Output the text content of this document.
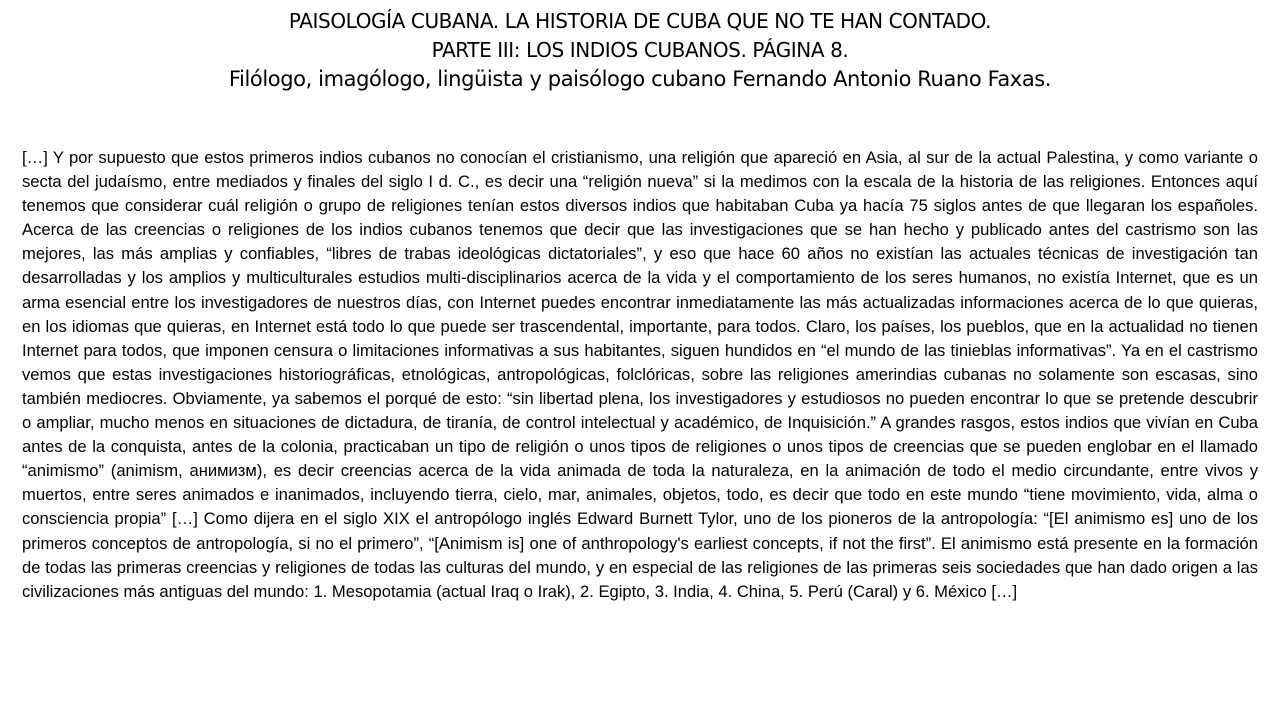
PAISOLOGÍA CUBANA. LA HISTORIA DE CUBA QUE NO TE HAN CONTADO.
PARTE III: LOS INDIOS CUBANOS. PÁGINA 8.
Filólogo, imagólogo, lingüista y paisólogo cubano Fernando Antonio Ruano Faxas.

[…] Y por supuesto que estos primeros indios cubanos no conocían el cristianismo, una religión que apareció en Asia, al sur de la actual Palestina, y como variante o secta del judaísmo, entre mediados y finales del siglo I d. C., es decir una “religión nueva” si la medimos con la escala de la historia de las religiones. Entonces aquí tenemos que considerar cuál religión o grupo de religiones tenían estos diversos indios que habitaban Cuba ya hacía 75 siglos antes de que llegaran los españoles. Acerca de las creencias o religiones de los indios cubanos tenemos que decir que las investigaciones que se han hecho y publicado antes del castrismo son las mejores, las más amplias y confiables, “libres de trabas ideológicas dictatoriales”, y eso que hace 60 años no existían las actuales técnicas de investigación tan desarrolladas y los amplios y multiculturales estudios multi-disciplinarios acerca de la vida y el comportamiento de los seres humanos, no existía Internet, que es un arma esencial entre los investigadores de nuestros días, con Internet puedes encontrar inmediatamente las más actualizadas informaciones acerca de lo que quieras, en los idiomas que quieras, en Internet está todo lo que puede ser trascendental, importante, para todos. Claro, los países, los pueblos, que en la actualidad no tienen Internet para todos, que imponen censura o limitaciones informativas a sus habitantes, siguen hundidos en “el mundo de las tinieblas informativas”. Ya en el castrismo vemos que estas investigaciones historiográficas, etnológicas, antropológicas, folclóricas, sobre las religiones amerindias cubanas no solamente son escasas, sino también mediocres. Obviamente, ya sabemos el porqué de esto: “sin libertad plena, los investigadores y estudiosos no pueden encontrar lo que se pretende descubrir o ampliar, mucho menos en situaciones de dictadura, de tiranía, de control intelectual y académico, de Inquisición.” A grandes rasgos, estos indios que vivían en Cuba antes de la conquista, antes de la colonia, practicaban un tipo de religión o unos tipos de religiones o unos tipos de creencias que se pueden englobar en el llamado “animismo” (animism, анимизм), es decir creencias acerca de la vida animada de toda la naturaleza, en la animación de todo el medio circundante, entre vivos y muertos, entre seres animados e inanimados, incluyendo tierra, cielo, mar, animales, objetos, todo, es decir que todo en este mundo “tiene movimiento, vida, alma o consciencia propia” […] Como dijera en el siglo XIX el antropólogo inglés Edward Burnett Tylor, uno de los pioneros de la antropología: “[El animismo es] uno de los primeros conceptos de antropología, si no el primero”, “[Animism is] one of anthropology's earliest concepts, if not the first”. El animismo está presente en la formación de todas las primeras creencias y religiones de todas las culturas del mundo, y en especial de las religiones de las primeras seis sociedades que han dado origen a las civilizaciones más antiguas del mundo: 1. Mesopotamia (actual Iraq o Irak), 2. Egipto, 3. India, 4. China, 5. Perú (Caral) y 6. México […]
